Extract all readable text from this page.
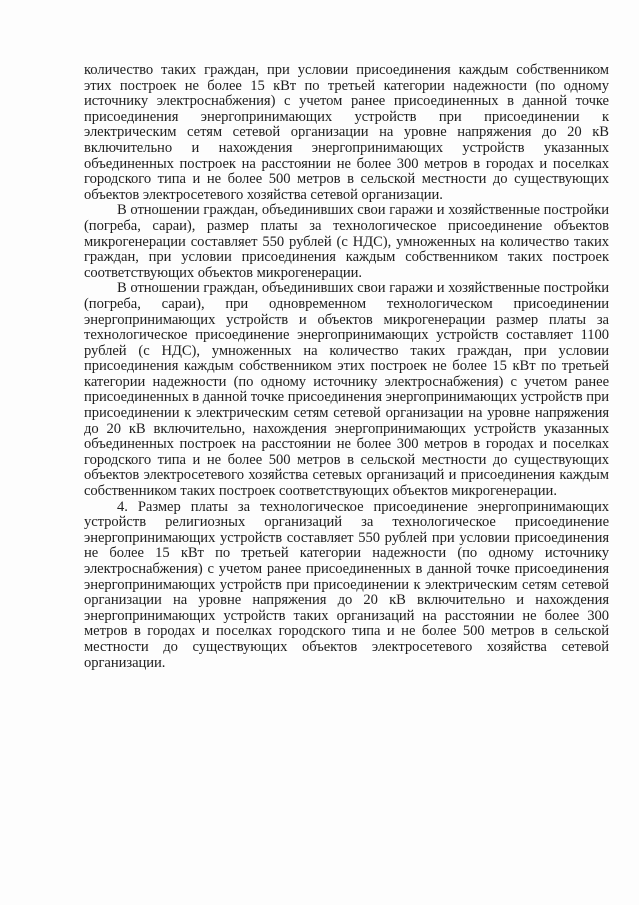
количество таких граждан, при условии присоединения каждым собственником этих построек не более 15 кВт по третьей категории надежности (по одному источнику электроснабжения) с учетом ранее присоединенных в данной точке присоединения энергопринимающих устройств при присоединении к электрическим сетям сетевой организации на уровне напряжения до 20 кВ включительно и нахождения энергопринимающих устройств указанных объединенных построек на расстоянии не более 300 метров в городах и поселках городского типа и не более 500 метров в сельской местности до существующих объектов электросетевого хозяйства сетевой организации.

В отношении граждан, объединивших свои гаражи и хозяйственные постройки (погреба, сараи), размер платы за технологическое присоединение объектов микрогенерации составляет 550 рублей (с НДС), умноженных на количество таких граждан, при условии присоединения каждым собственником таких построек соответствующих объектов микрогенерации.

В отношении граждан, объединивших свои гаражи и хозяйственные постройки (погреба, сараи), при одновременном технологическом присоединении энергопринимающих устройств и объектов микрогенерации размер платы за технологическое присоединение энергопринимающих устройств составляет 1100 рублей (с НДС), умноженных на количество таких граждан, при условии присоединения каждым собственником этих построек не более 15 кВт по третьей категории надежности (по одному источнику электроснабжения) с учетом ранее присоединенных в данной точке присоединения энергопринимающих устройств при присоединении к электрическим сетям сетевой организации на уровне напряжения до 20 кВ включительно, нахождения энергопринимающих устройств указанных объединенных построек на расстоянии не более 300 метров в городах и поселках городского типа и не более 500 метров в сельской местности до существующих объектов электросетевого хозяйства сетевых организаций и присоединения каждым собственником таких построек соответствующих объектов микрогенерации.

4. Размер платы за технологическое присоединение энергопринимающих устройств религиозных организаций за технологическое присоединение энергопринимающих устройств составляет 550 рублей при условии присоединения не более 15 кВт по третьей категории надежности (по одному источнику электроснабжения) с учетом ранее присоединенных в данной точке присоединения энергопринимающих устройств при присоединении к электрическим сетям сетевой организации на уровне напряжения до 20 кВ включительно и нахождения энергопринимающих устройств таких организаций на расстоянии не более 300 метров в городах и поселках городского типа и не более 500 метров в сельской местности до существующих объектов электросетевого хозяйства сетевой организации.
